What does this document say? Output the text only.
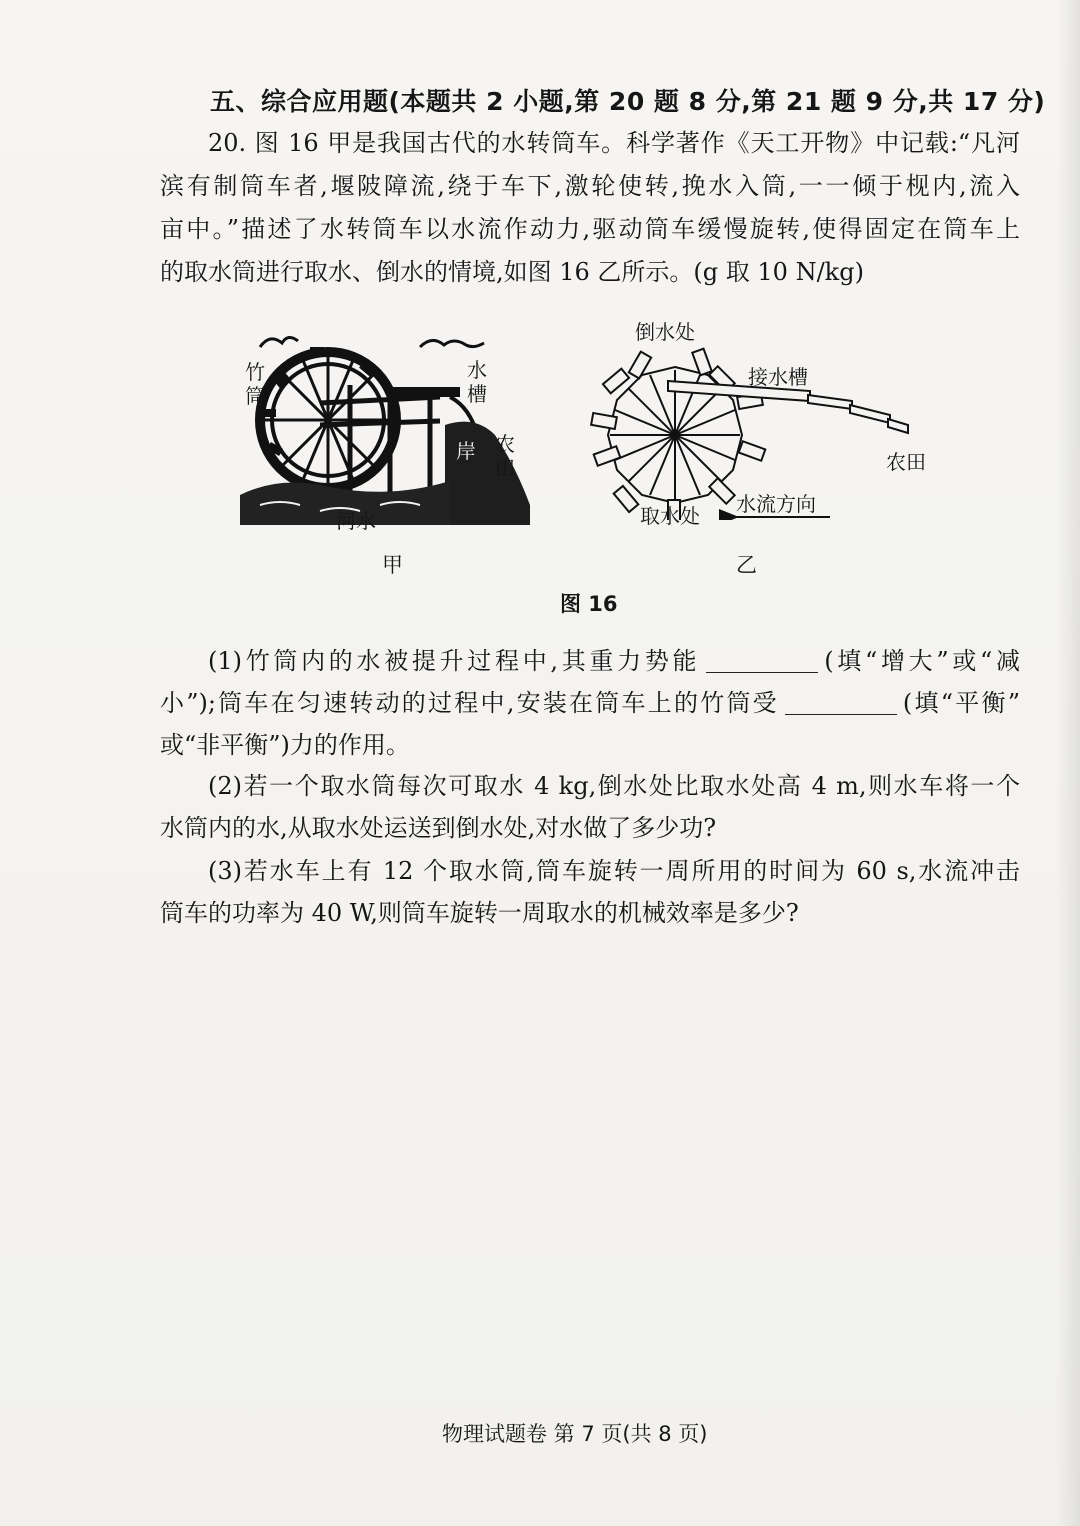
五、综合应用题(本题共 2 小题,第 20 题 8 分,第 21 题 9 分,共 17 分)
20. 图 16 甲是我国古代的水转筒车。科学著作《天工开物》中记载:“凡河
滨有制筒车者,堰陂障流,绕于车下,激轮使转,挽水入筒,一一倾于枧内,流入
亩中。”描述了水转筒车以水流作动力,驱动筒车缓慢旋转,使得固定在筒车上
的取水筒进行取水、倒水的情境,如图 16 乙所示。(g 取 10 N/kg)
竹筒
水槽
岸 农田
河水
甲
倒水处
接水槽
农田
取水处 水流方向
乙
图 16
(1)竹筒内的水被提升过程中,其重力势能	(填“增大”或“减
小”);筒车在匀速转动的过程中,安装在筒车上的竹筒受	(填“平衡”
或“非平衡”)力的作用。
(2)若一个取水筒每次可取水 4 kg,倒水处比取水处高 4 m,则水车将一个
水筒内的水,从取水处运送到倒水处,对水做了多少功?
(3)若水车上有 12 个取水筒,筒车旋转一周所用的时间为 60 s,水流冲击
筒车的功率为 40 W,则筒车旋转一周取水的机械效率是多少?
物理试题卷 第 7 页(共 8 页)
